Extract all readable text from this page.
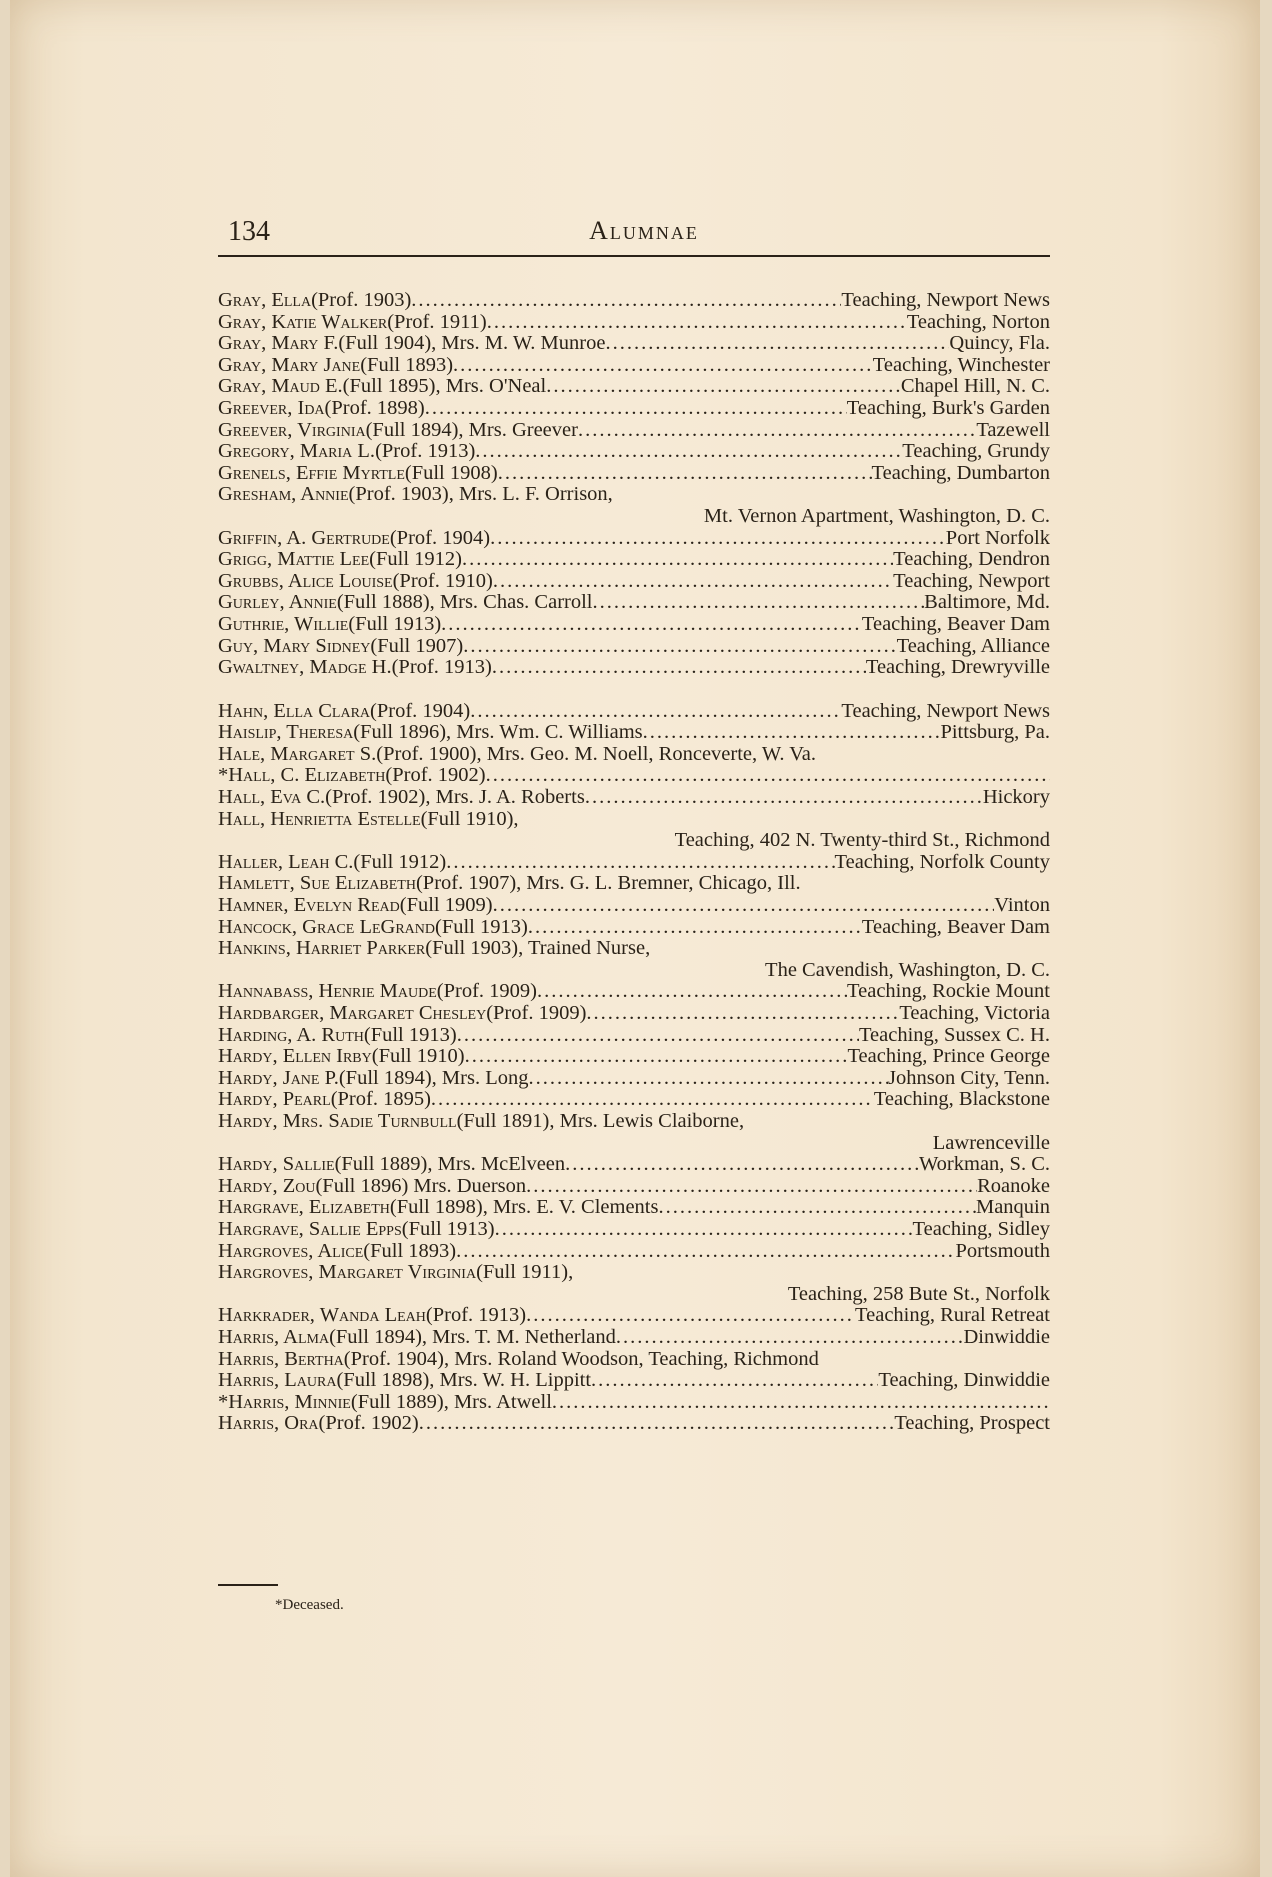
134	Alumnae
Gray, Ella (Prof. 1903) .....	Teaching, Newport News
Gray, Katie Walker (Prof. 1911) .....	Teaching, Norton
Gray, Mary F. (Full 1904), Mrs. M. W. Munroe .....	Quincy, Fla.
Gray, Mary Jane (Full 1893) .....	Teaching, Winchester
Gray, Maud E. (Full 1895), Mrs. O'Neal .....	Chapel Hill, N. C.
Greever, Ida (Prof. 1898) .....	Teaching, Burk's Garden
Greever, Virginia (Full 1894), Mrs. Greever .....	Tazewell
Gregory, Maria L. (Prof. 1913) .....	Teaching, Grundy
Grenels, Effie Myrtle (Full 1908) .....	Teaching, Dumbarton
Gresham, Annie (Prof. 1903), Mrs. L. F. Orrison,
Mt. Vernon Apartment, Washington, D. C.
Griffin, A. Gertrude (Prof. 1904) .....	Port Norfolk
Grigg, Mattie Lee (Full 1912) .....	Teaching, Dendron
Grubbs, Alice Louise (Prof. 1910) .....	Teaching, Newport
Gurley, Annie (Full 1888), Mrs. Chas. Carroll .....	Baltimore, Md.
Guthrie, Willie (Full 1913) .....	Teaching, Beaver Dam
Guy, Mary Sidney (Full 1907) .....	Teaching, Alliance
Gwaltney, Madge H. (Prof. 1913) .....	Teaching, Drewryville
Hahn, Ella Clara (Prof. 1904) .....	Teaching, Newport News
Haislip, Theresa (Full 1896), Mrs. Wm. C. Williams .....	Pittsburg, Pa.
Hale, Margaret S. (Prof. 1900), Mrs. Geo. M. Noell, Ronceverte, W. Va.
*Hall, C. Elizabeth (Prof. 1902)
.....
Hall, Eva C. (Prof. 1902), Mrs. J. A. Roberts .....	Hickory
Hall, Henrietta Estelle (Full 1910),
Teaching, 402 N. Twenty-third St., Richmond
Haller, Leah C. (Full 1912) .....	Teaching, Norfolk County
Hamlett, Sue Elizabeth (Prof. 1907), Mrs. G. L. Bremner, Chicago, Ill.
Hamner, Evelyn Read (Full 1909) .....	Vinton
Hancock, Grace LeGrand (Full 1913) .....	Teaching, Beaver Dam
Hankins, Harriet Parker (Full 1903), Trained Nurse,
The Cavendish, Washington, D. C.
Hannabass, Henrie Maude (Prof. 1909) .....	Teaching, Rockie Mount
Hardbarger, Margaret Chesley (Prof. 1909) .....	Teaching, Victoria
Harding, A. Ruth (Full 1913) .....	Teaching, Sussex C. H.
Hardy, Ellen Irby (Full 1910) .....	Teaching, Prince George
Hardy, Jane P. (Full 1894), Mrs. Long .....	Johnson City, Tenn.
Hardy, Pearl (Prof. 1895) .....	Teaching, Blackstone
Hardy, Mrs. Sadie Turnbull (Full 1891), Mrs. Lewis Claiborne,
Lawrenceville
Hardy, Sallie (Full 1889), Mrs. McElveen .....	Workman, S. C.
Hardy, Zou (Full 1896) Mrs. Duerson .....	Roanoke
Hargrave, Elizabeth (Full 1898), Mrs. E. V. Clements .....	Manquin
Hargrave, Sallie Epps (Full 1913) .....	Teaching, Sidley
Hargroves, Alice (Full 1893) .....	Portsmouth
Hargroves, Margaret Virginia (Full 1911),
Teaching, 258 Bute St., Norfolk
Harkrader, Wanda Leah (Prof. 1913) .....	Teaching, Rural Retreat
Harris, Alma (Full 1894), Mrs. T. M. Netherland .....	Dinwiddie
Harris, Bertha (Prof. 1904), Mrs. Roland Woodson, Teaching, Richmond
Harris, Laura (Full 1898), Mrs. W. H. Lippitt .....	Teaching, Dinwiddie
*Harris, Minnie (Full 1889), Mrs. Atwell
.....
Harris, Ora (Prof. 1902) .....	Teaching, Prospect
*Deceased.
